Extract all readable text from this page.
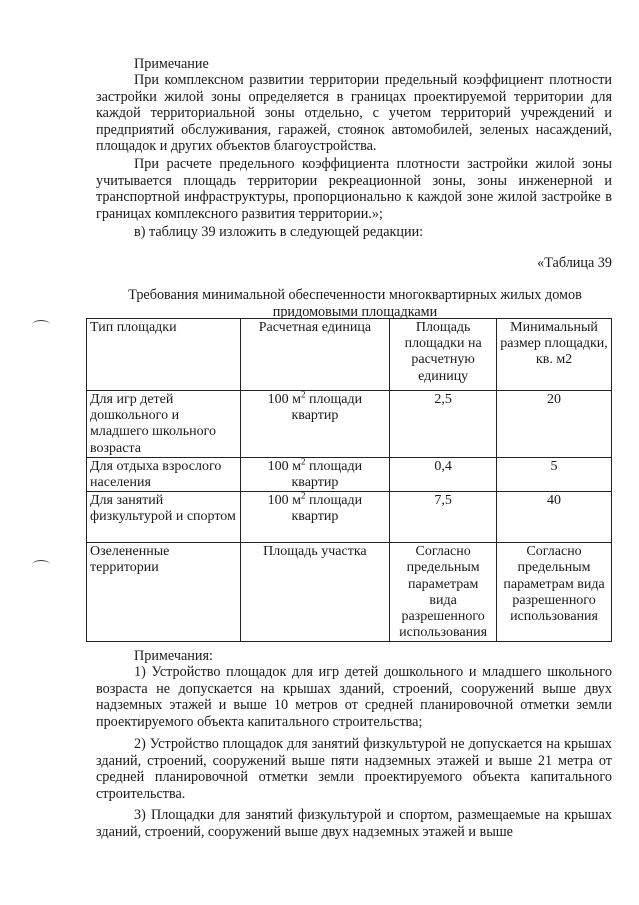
Примечание

При комплексном развитии территории предельный коэффициент плотности застройки жилой зоны определяется в границах проектируемой территории для каждой территориальной зоны отдельно, с учетом территорий учреждений и предприятий обслуживания, гаражей, стоянок автомобилей, зеленых насаждений, площадок и других объектов благоустройства.

При расчете предельного коэффициента плотности застройки жилой зоны учитывается площадь территории рекреационной зоны, зоны инженерной и транспортной инфраструктуры, пропорционально к каждой зоне жилой застройке в границах комплексного развития территории.»;

в) таблицу 39 изложить в следующей редакции:

«Таблица 39

Требования минимальной обеспеченности многоквартирных жилых домов придомовыми площадками

Тип площадки	Расчетная единица	Площадь площадки на расчетную единицу	Минимальный размер площадки, кв. м2
Для игр детей дошкольного и младшего школьного возраста	100 $м^2$ площади квартир	2,5	20
Для отдыха взрослого населения	100 $м^2$ площади квартир	0,4	5
Для занятий физкультурой и спортом	100 $м^2$ площади квартир	7,5	40
Озелененные территории	Площадь участка	Согласно предельным параметрам вида разрешенного использования	Согласно предельным параметрам вида разрешенного использования

Примечания:

1) Устройство площадок для игр детей дошкольного и младшего школьного возраста не допускается на крышах зданий, строений, сооружений выше двух надземных этажей и выше 10 метров от средней планировочной отметки земли проектируемого объекта капитального строительства;

2) Устройство площадок для занятий физкультурой не допускается на крышах зданий, строений, сооружений выше пяти надземных этажей и выше 21 метра от средней планировочной отметки земли проектируемого объекта капитального строительства.

3) Площадки для занятий физкультурой и спортом, размещаемые на крышах зданий, строений, сооружений выше двух надземных этажей и выше
